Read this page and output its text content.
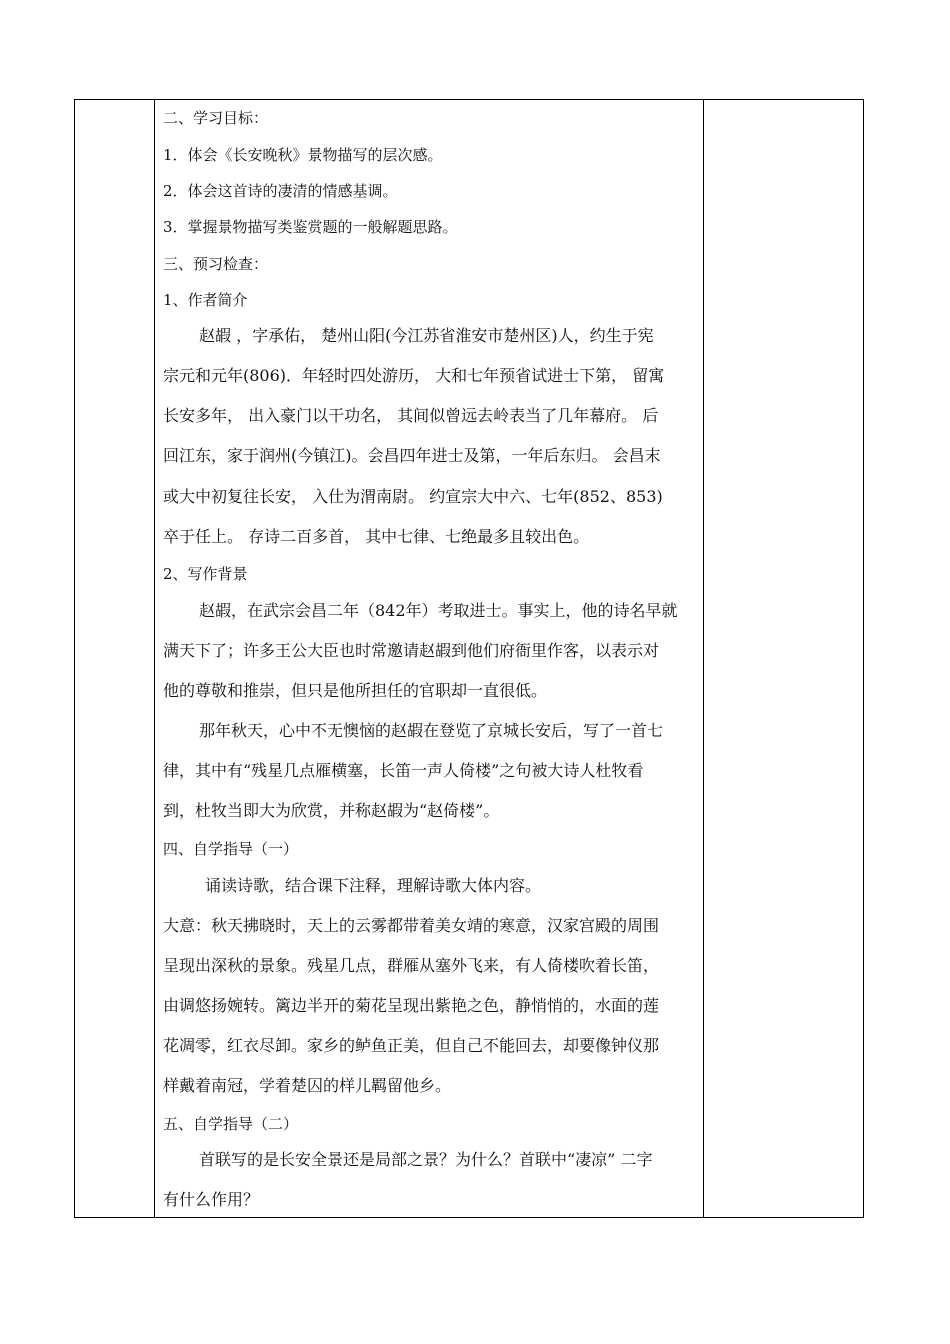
二、学习目标：
1．体会《长安晚秋》景物描写的层次感。
2．体会这首诗的凄清的情感基调。
3．掌握景物描写类鉴赏题的一般解题思路。
三、预习检查：
1、作者简介
赵嘏 ，字承佑， 楚州山阳(今江苏省淮安市楚州区)人，约生于宪
宗元和元年(806)．年轻时四处游历， 大和七年预省试进士下第， 留寓
长安多年， 出入豪门以干功名， 其间似曾远去岭表当了几年幕府。 后
回江东，家于润州(今镇江)。会昌四年进士及第，一年后东归。 会昌末
或大中初复往长安， 入仕为渭南尉。 约宣宗大中六、七年(852、853)
卒于任上。 存诗二百多首， 其中七律、七绝最多且较出色。
2、写作背景
赵嘏，在武宗会昌二年（842年）考取进士。事实上，他的诗名早就
满天下了；许多王公大臣也时常邀请赵嘏到他们府衙里作客，以表示对
他的尊敬和推崇，但只是他所担任的官职却一直很低。
那年秋天，心中不无懊恼的赵嘏在登览了京城长安后，写了一首七
律，其中有“残星几点雁横塞，长笛一声人倚楼”之句被大诗人杜牧看
到，杜牧当即大为欣赏，并称赵嘏为“赵倚楼”。
四、自学指导（一）
诵读诗歌，结合课下注释，理解诗歌大体内容。
大意：秋天拂晓时，天上的云雾都带着美女靖的寒意，汉家宫殿的周围
呈现出深秋的景象。残星几点，群雁从塞外飞来，有人倚楼吹着长笛，
由调悠扬婉转。篱边半开的菊花呈现出紫艳之色，静悄悄的，水面的莲
花凋零，红衣尽卸。家乡的鲈鱼正美，但自己不能回去，却要像钟仪那
样戴着南冠，学着楚囚的样儿羁留他乡。
五、自学指导（二）
首联写的是长安全景还是局部之景？为什么？首联中“凄凉” 二字
有什么作用？
